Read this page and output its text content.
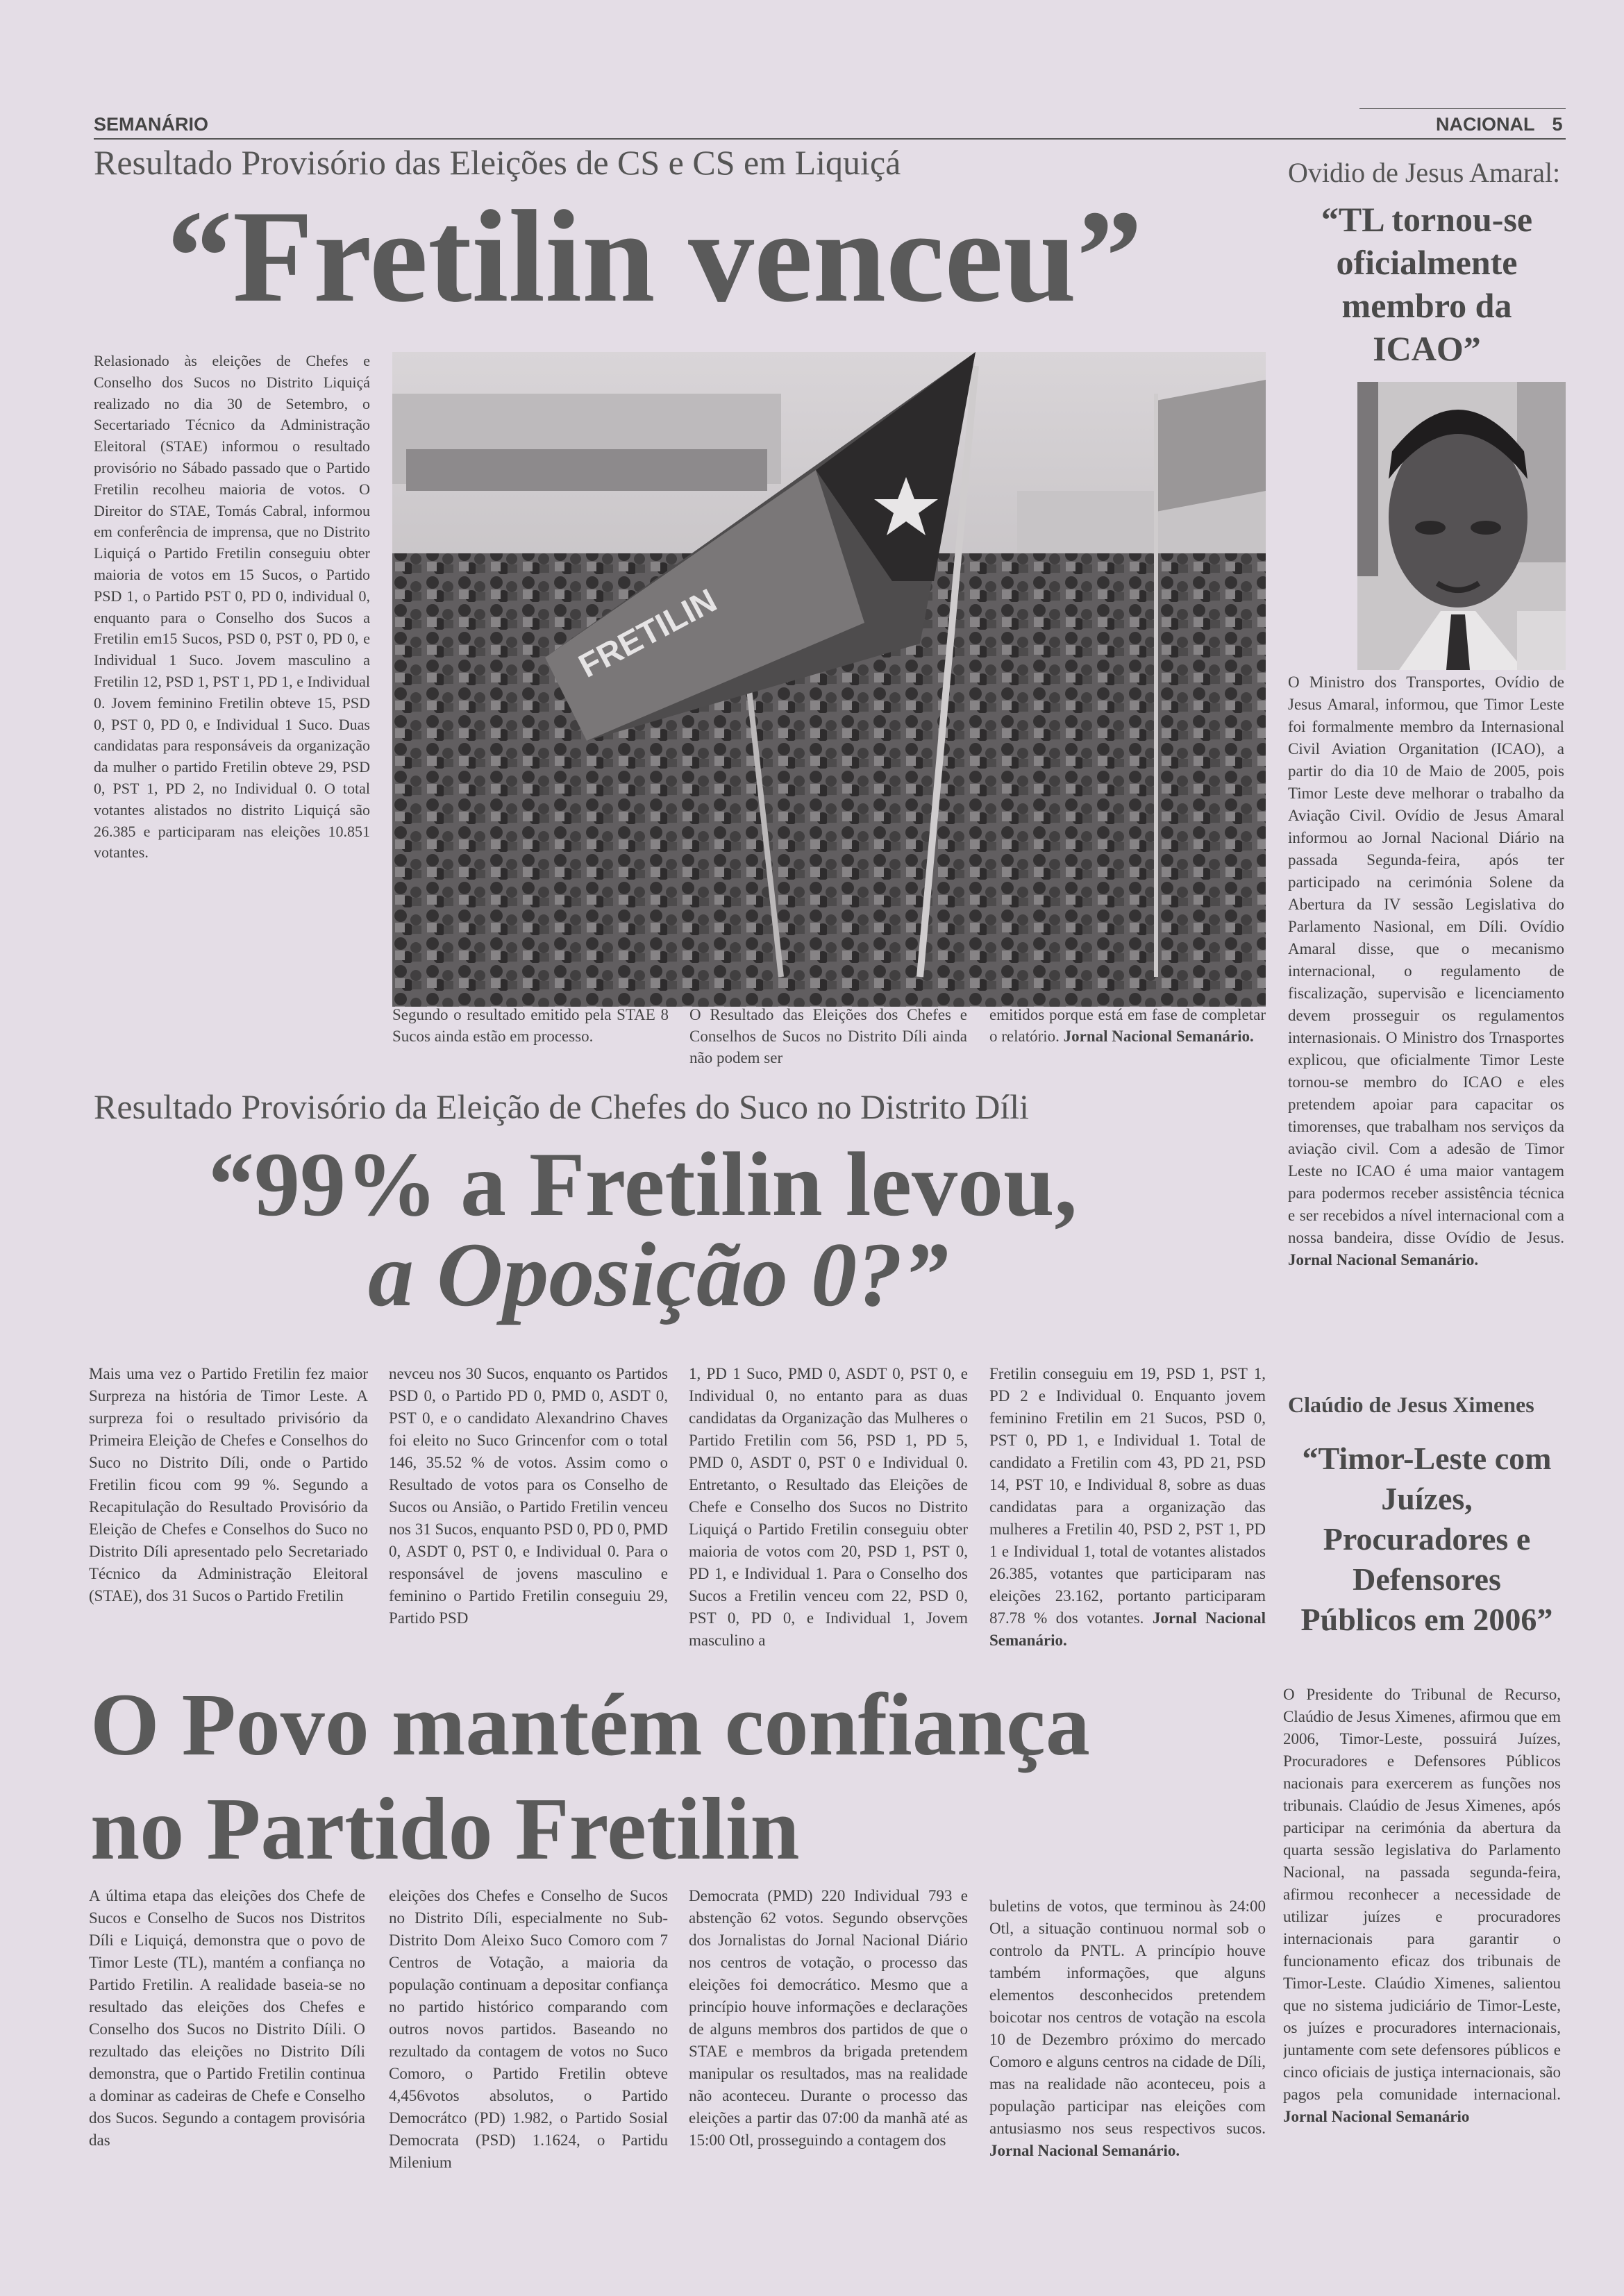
SEMANÁRIO	NACIONAL 5
Resultado Provisório das Eleições de CS e CS em Liquiçá
“Fretilin venceu”

Relasionado às eleições de Chefes e Conselho dos Sucos no Distrito Liquiçá realizado no dia 30 de Setembro, o Secertariado Técnico da Administração Eleitoral (STAE) informou o resultado provisório no Sábado passado que o Partido Fretilin recolheu maioria de votos. O Direitor do STAE, Tomás Cabral, informou em conferência de imprensa, que no Distrito Liquiçá o Partido Fretilin conseguiu obter maioria de votos em 15 Sucos, o Partido PSD 1, o Partido PST 0, PD 0, individual 0, enquanto para o Conselho dos Sucos a Fretilin em15 Sucos, PSD 0, PST 0, PD 0, e Individual 1 Suco. Jovem masculino a Fretilin 12, PSD 1, PST 1, PD 1, e Individual 0. Jovem feminino Fretilin obteve 15, PSD 0, PST 0, PD 0, e Individual 1 Suco. Duas candidatas para responsáveis da organização da mulher o partido Fretilin obteve 29, PSD 0, PST 1, PD 2, no Individual 0. O total votantes alistados no distrito Liquiçá são 26.385 e participaram nas eleições 10.851 votantes.

FRETILIN
Segundo o resultado emitido pela STAE 8 Sucos ainda estão em processo.
O Resultado das Eleições dos Chefes e Conselhos de Sucos no Distrito Díli ainda não podem ser
emitidos porque está em fase de completar o relatório. Jornal Nacional Semanário.
Resultado Provisório da Eleição de Chefes do Suco no Distrito Díli
“99% a Fretilin levou,
a Oposição 0?”

Mais uma vez o Partido Fretilin fez maior Surpreza na história de Timor Leste. A surpreza foi o resultado privisório da Primeira Eleição de Chefes e Conselhos do Suco no Distrito Díli, onde o Partido Fretilin ficou com 99 %. Segundo a Recapitulação do Resultado Provisório da Eleição de Chefes e Conselhos do Suco no Distrito Díli apresentado pelo Secretariado Técnico da Administração Eleitoral (STAE), dos 31 Sucos o Partido Fretilin

nevceu nos 30 Sucos, enquanto os Partidos PSD 0, o Partido PD 0, PMD 0, ASDT 0, PST 0, e o candidato Alexandrino Chaves foi eleito no Suco Grincenfor com o total 146, 35.52 % de votos. Assim como o Resultado de votos para os Conselho de Sucos ou Ansião, o Partido Fretilin venceu nos 31 Sucos, enquanto PSD 0, PD 0, PMD 0, ASDT 0, PST 0, e Individual 0. Para o responsável de jovens masculino e feminino o Partido Fretilin conseguiu 29, Partido PSD

1, PD 1 Suco, PMD 0, ASDT 0, PST 0, e Individual 0, no entanto para as duas candidatas da Organização das Mulheres o Partido Fretilin com 56, PSD 1, PD 5, PMD 0, ASDT 0, PST 0 e Individual 0. Entretanto, o Resultado das Eleições de Chefe e Conselho dos Sucos no Distrito Liquiçá o Partido Fretilin conseguiu obter maioria de votos com 20, PSD 1, PST 0, PD 1, e Individual 1. Para o Conselho dos Sucos a Fretilin venceu com 22, PSD 0, PST 0, PD 0, e Individual 1, Jovem masculino a

Fretilin conseguiu em 19, PSD 1, PST 1, PD 2 e Individual 0. Enquanto jovem feminino Fretilin em 21 Sucos, PSD 0, PST 0, PD 1, e Individual 1. Total de candidato a Fretilin com 43, PD 21, PSD 14, PST 10, e Individual 8, sobre as duas candidatas para a organização das mulheres a Fretilin 40, PSD 2, PST 1, PD 1 e Individual 1, total de votantes alistados 26.385, votantes que participaram nas eleições 23.162, portanto participaram 87.78 % dos votantes. Jornal Nacional Semanário.

O Povo mantém confiança
no Partido Fretilin

A última etapa das eleições dos Chefe de Sucos e Conselho de Sucos nos Distritos Díli e Liquiçá, demonstra que o povo de Timor Leste (TL), mantém a confiança no Partido Fretilin. A realidade baseia-se no resultado das eleições dos Chefes e Conselho dos Sucos no Distrito Díili. O rezultado das eleições no Distrito Díli demonstra, que o Partido Fretilin continua a dominar as cadeiras de Chefe e Conselho dos Sucos. Segundo a contagem provisória das

eleições dos Chefes e Conselho de Sucos no Distrito Díli, especialmente no Sub-Distrito Dom Aleixo Suco Comoro com 7 Centros de Votação, a maioria da população continuam a depositar confiança no partido histórico comparando com outros novos partidos. Baseando no rezultado da contagem de votos no Suco Comoro, o Partido Fretilin obteve 4,456votos absolutos, o Partido Democrátco (PD) 1.982, o Partido Sosial Democrata (PSD) 1.1624, o Partidu Milenium

Democrata (PMD) 220 Individual 793 e abstenção 62 votos. Segundo observções dos Jornalistas do Jornal Nacional Diário nos centros de votação, o processo das eleições foi democrático. Mesmo que a princípio houve informações e declarações de alguns membros dos partidos de que o STAE e membros da brigada pretendem manipular os resultados, mas na realidade não aconteceu. Durante o processo das eleições a partir das 07:00 da manhã até as 15:00 Otl, prosseguindo a contagem dos

buletins de votos, que terminou às 24:00 Otl, a situação continuou normal sob o controlo da PNTL. A princípio houve também informações, que alguns elementos desconhecidos pretendem boicotar nos centros de votação na escola 10 de Dezembro próximo do mercado Comoro e alguns centros na cidade de Díli, mas na realidade não aconteceu, pois a população participar nas eleições com antusiasmo nos seus respectivos sucos. Jornal Nacional Semanário.

Ovidio de Jesus Amaral:
“TL tornou-se oficialmente membro da ICAO”

O Ministro dos Transportes, Ovídio de Jesus Amaral, informou, que Timor Leste foi formalmente membro da Internasional Civil Aviation Organitation (ICAO), a partir do dia 10 de Maio de 2005, pois Timor Leste deve melhorar o trabalho da Aviação Civil. Ovídio de Jesus Amaral informou ao Jornal Nacional Diário na passada Segunda-feira, após ter participado na cerimónia Solene da Abertura da IV sessão Legislativa do Parlamento Nasional, em Díli. Ovídio Amaral disse, que o mecanismo internacional, o regulamento de fiscalização, supervisão e licenciamento devem prosseguir os regulamentos internasionais. O Ministro dos Trnasportes explicou, que oficialmente Timor Leste tornou-se membro do ICAO e eles pretendem apoiar para capacitar os timorenses, que trabalham nos serviços da aviação civil. Com a adesão de Timor Leste no ICAO é uma maior vantagem para podermos receber assistência técnica e ser recebidos a nível internacional com a nossa bandeira, disse Ovídio de Jesus. Jornal Nacional Semanário.

Claúdio de Jesus Ximenes
“Timor-Leste com Juízes, Procuradores e Defensores Públicos em 2006”

O Presidente do Tribunal de Recurso, Claúdio de Jesus Ximenes, afirmou que em 2006, Timor-Leste, possuirá Juízes, Procuradores e Defensores Públicos nacionais para exercerem as funções nos tribunais. Claúdio de Jesus Ximenes, após participar na cerimónia da abertura da quarta sessão legislativa do Parlamento Nacional, na passada segunda-feira, afirmou reconhecer a necessidade de utilizar juízes e procuradores internacionais para garantir o funcionamento eficaz dos tribunais de Timor-Leste. Claúdio Ximenes, salientou que no sistema judiciário de Timor-Leste, os juízes e procuradores internacionais, juntamente com sete defensores públicos e cinco oficiais de justiça internacionais, são pagos pela comunidade internacional. Jornal Nacional Semanário
